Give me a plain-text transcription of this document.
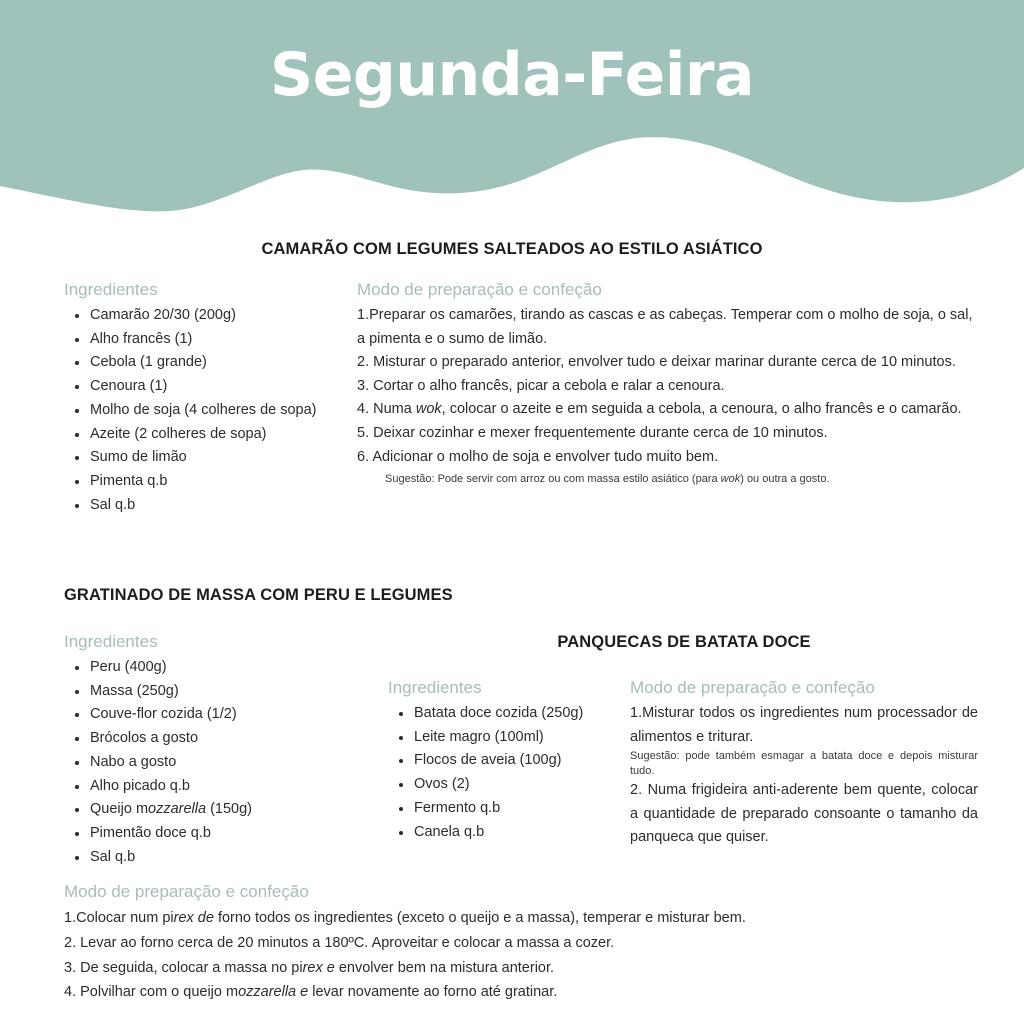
Segunda-Feira
CAMARÃO COM LEGUMES SALTEADOS AO ESTILO ASIÁTICO
Ingredientes
Camarão 20/30 (200g)
Alho francês (1)
Cebola (1 grande)
Cenoura (1)
Molho de soja (4 colheres de sopa)
Azeite (2 colheres de sopa)
Sumo de limão
Pimenta q.b
Sal q.b
Modo de preparação e confeção

1.Preparar os camarões, tirando as cascas e as cabeças. Temperar com o molho de soja, o sal, a pimenta e o sumo de limão.

2. Misturar o preparado anterior, envolver tudo e deixar marinar durante cerca de 10 minutos.

3. Cortar o alho francês, picar a cebola e ralar a cenoura.

4. Numa wok, colocar o azeite e em seguida a cebola, a cenoura, o alho francês e o camarão.

5. Deixar cozinhar e mexer frequentemente durante cerca de 10 minutos.

6. Adicionar o molho de soja e envolver tudo muito bem.

Sugestão: Pode servir com arroz ou com massa estilo asiático (para wok) ou outra a gosto.

GRATINADO DE MASSA COM PERU E LEGUMES
Ingredientes
Peru (400g)
Massa (250g)
Couve-flor cozida (1/2)
Brócolos a gosto
Nabo a gosto
Alho picado q.b
Queijo mozzarella (150g)
Pimentão doce q.b
Sal q.b
PANQUECAS DE BATATA DOCE
Ingredientes
Batata doce cozida (250g)
Leite magro (100ml)
Flocos de aveia (100g)
Ovos (2)
Fermento q.b
Canela q.b
Modo de preparação e confeção

1.Misturar todos os ingredientes num processador de alimentos e triturar.

Sugestão: pode também esmagar a batata doce e depois misturar tudo.

2. Numa frigideira anti-aderente bem quente, colocar a quantidade de preparado consoante o tamanho da panqueca que quiser.

Modo de preparação e confeção

1.Colocar num pirex de forno todos os ingredientes (exceto o queijo e a massa), temperar e misturar bem.

2. Levar ao forno cerca de 20 minutos a 180ºC. Aproveitar e colocar a massa a cozer.

3. De seguida, colocar a massa no pirex e envolver bem na mistura anterior.

4. Polvilhar com o queijo mozzarella e levar novamente ao forno até gratinar.
